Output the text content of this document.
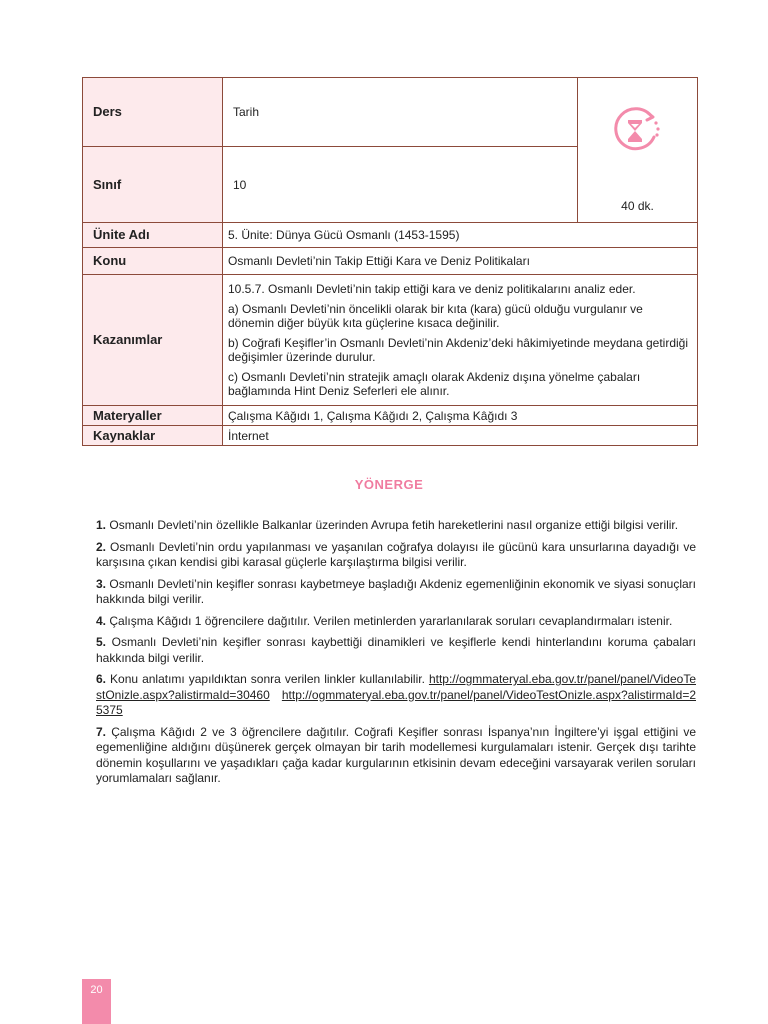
Ders	Tarih	40 dk.

Sınıf	10	
Ünite Adı	5. Ünite: Dünya Gücü Osmanlı (1453-1595)	
Konu	Osmanlı Devleti’nin Takip Ettiği Kara ve Deniz Politikaları	
Kazanımlar	10.5.7. Osmanlı Devleti’nin takip ettiği kara ve deniz politikalarını analiz eder.

a) Osmanlı Devleti’nin öncelikli olarak bir kıta (kara) gücü olduğu vurgulanır ve dönemin diğer büyük kıta güçlerine kısaca değinilir.

b) Coğrafi Keşifler’in Osmanlı Devleti’nin Akdeniz’deki hâkimiyetinde meydana getirdiği değişimler üzerinde durulur.

c) Osmanlı Devleti’nin stratejik amaçlı olarak Akdeniz dışına yönelme çabaları bağlamında Hint Deniz Seferleri ele alınır.	

Materyaller	Çalışma Kâğıdı 1, Çalışma Kâğıdı 2, Çalışma Kâğıdı 3	
Kaynaklar	İnternet	
YÖNERGE
1. Osmanlı Devleti’nin özellikle Balkanlar üzerinden Avrupa fetih hareketlerini nasıl organize ettiği bilgisi verilir.
2. Osmanlı Devleti’nin ordu yapılanması ve yaşanılan coğrafya dolayısı ile gücünü kara unsurlarına dayadığı ve karşısına çıkan kendisi gibi karasal güçlerle karşılaştırma bilgisi verilir.
3. Osmanlı Devleti’nin keşifler sonrası kaybetmeye başladığı Akdeniz egemenliğinin ekonomik ve siyasi sonuçları hakkında bilgi verilir.
4. Çalışma Kâğıdı 1 öğrencilere dağıtılır. Verilen metinlerden yararlanılarak soruları cevaplandırmaları istenir.
5. Osmanlı Devleti’nin keşifler sonrası kaybettiği dinamikleri ve keşiflerle kendi hinterlandını koruma çabaları hakkında bilgi verilir.
6. Konu anlatımı yapıldıktan sonra verilen linkler kullanılabilir. http://ogmmateryal.eba.gov.tr/panel/panel/VideoTestOnizle.aspx?alistirmaId=30460 http://ogmmateryal.eba.gov.tr/panel/panel/VideoTestOnizle.aspx?alistirmaId=25375
7. Çalışma Kâğıdı 2 ve 3 öğrencilere dağıtılır. Coğrafi Keşifler sonrası İspanya’nın İngiltere’yi işgal ettiğini ve egemenliğine aldığını düşünerek gerçek olmayan bir tarih modellemesi kurgulamaları istenir. Gerçek dışı tarihte dönemin koşullarını ve yaşadıkları çağa kadar kurgularının etkisinin devam edeceğini varsayarak verilen soruları yorumlamaları sağlanır.
20
